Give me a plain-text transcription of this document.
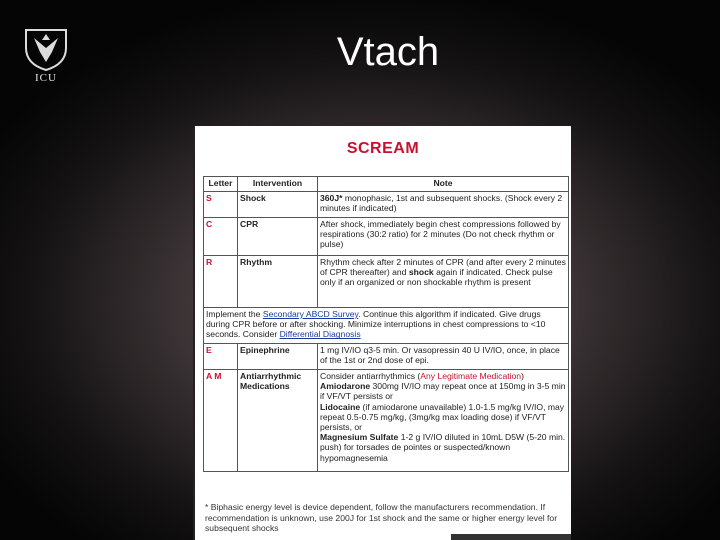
ICU
Vtach
SCREAM
Letter	Intervention	Note
S	Shock	360J* monophasic, 1st and subsequent shocks. (Shock every 2 minutes if indicated)
C	CPR	After shock, immediately begin chest compressions followed by respirations (30:2 ratio) for 2 minutes (Do not check rhythm or pulse)
R	Rhythm	Rhythm check after 2 minutes of CPR (and after every 2 minutes of CPR thereafter) and shock again if indicated. Check pulse only if an organized or non shockable rhythm is present
Implement the Secondary ABCD Survey. Continue this algorithm if indicated. Give drugs during CPR before or after shocking. Minimize interruptions in chest compressions to <10 seconds. Consider Differential Diagnosis		
E	Epinephrine	1 mg IV/IO q3-5 min. Or vasopressin 40 U IV/IO, once, in place of the 1st or 2nd dose of epi.
A M	Antiarrhythmic Medications	Consider antiarrhythmics (Any Legitimate Medication)
Amiodarone 300mg IV/IO may repeat once at 150mg in 3-5 min if VF/VT persists or
Lidocaine (if amiodarone unavailable) 1.0-1.5 mg/kg IV/IO, may repeat 0.5-0.75 mg/kg, (3mg/kg max loading dose) if VF/VT persists, or
Magnesium Sulfate 1-2 g IV/IO diluted in 10mL D5W (5-20 min. push) for torsades de pointes or suspected/known hypomagnesemia
* Biphasic energy level is device dependent, follow the manufacturers recommendation. If recommendation is unknown, use 200J for 1st shock and the same or higher energy level for subsequent shocks
